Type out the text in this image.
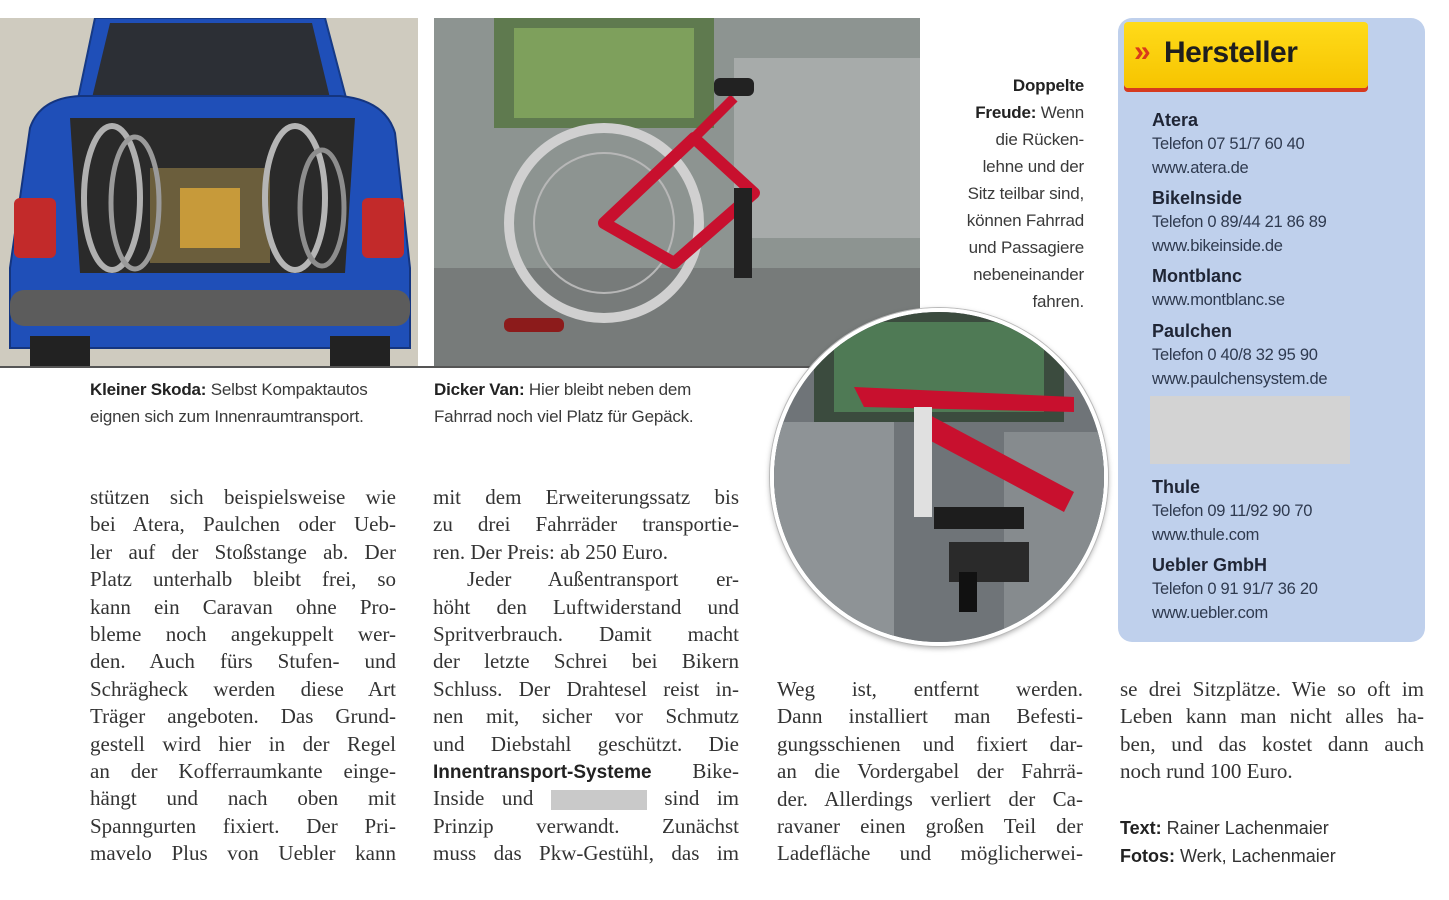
Kleiner Skoda: Selbst Kompaktautos
eignen sich zum Innenraumtransport.
Dicker Van: Hier bleibt neben dem
Fahrrad noch viel Platz für Gepäck.
Doppelte
Freude: Wenn
die Rücken-
lehne und der
Sitz teilbar sind,
können Fahrrad
und Passagiere
nebeneinander
fahren.
stützen sich beispielsweise wie
bei Atera, Paulchen oder Ueb-
ler auf der Stoßstange ab. Der
Platz unterhalb bleibt frei, so
kann ein Caravan ohne Pro-
bleme noch angekuppelt wer-
den. Auch fürs Stufen- und
Schrägheck werden diese Art
Träger angeboten. Das Grund-
gestell wird hier in der Regel
an der Kofferraumkante einge-
hängt und nach oben mit
Spanngurten fixiert. Der Pri-
mavelo Plus von Uebler kann
mit dem Erweiterungssatz bis
zu drei Fahrräder transportie-
ren. Der Preis: ab 250 Euro.
Jeder Außentransport er-
höht den Luftwiderstand und
Spritverbrauch. Damit macht
der letzte Schrei bei Bikern
Schluss. Der Drahtesel reist in-
nen mit, sicher vor Schmutz
und Diebstahl geschützt. Die
Innentransport-Systeme Bike-
Inside und	sind im
Prinzip verwandt. Zunächst
muss das Pkw-Gestühl, das im
Weg ist, entfernt werden.
Dann installiert man Befesti-
gungsschienen und fixiert dar-
an die Vordergabel der Fahrrä-
der. Allerdings verliert der Ca-
ravaner einen großen Teil der
Ladefläche und möglicherwei-
se drei Sitzplätze. Wie so oft im
Leben kann man nicht alles ha-
ben, und das kostet dann auch
noch rund 100 Euro.
» Hersteller
Atera
Telefon 07 51/7 60 40
www.atera.de
BikeInside
Telefon 0 89/44 21 86 89
www.bikeinside.de
Montblanc
www.montblanc.se
Paulchen
Telefon 0 40/8 32 95 90
www.paulchensystem.de
Thule
Telefon 09 11/92 90 70
www.thule.com
Uebler GmbH
Telefon 0 91 91/7 36 20
www.uebler.com
Text: Rainer Lachenmaier
Fotos: Werk, Lachenmaier
